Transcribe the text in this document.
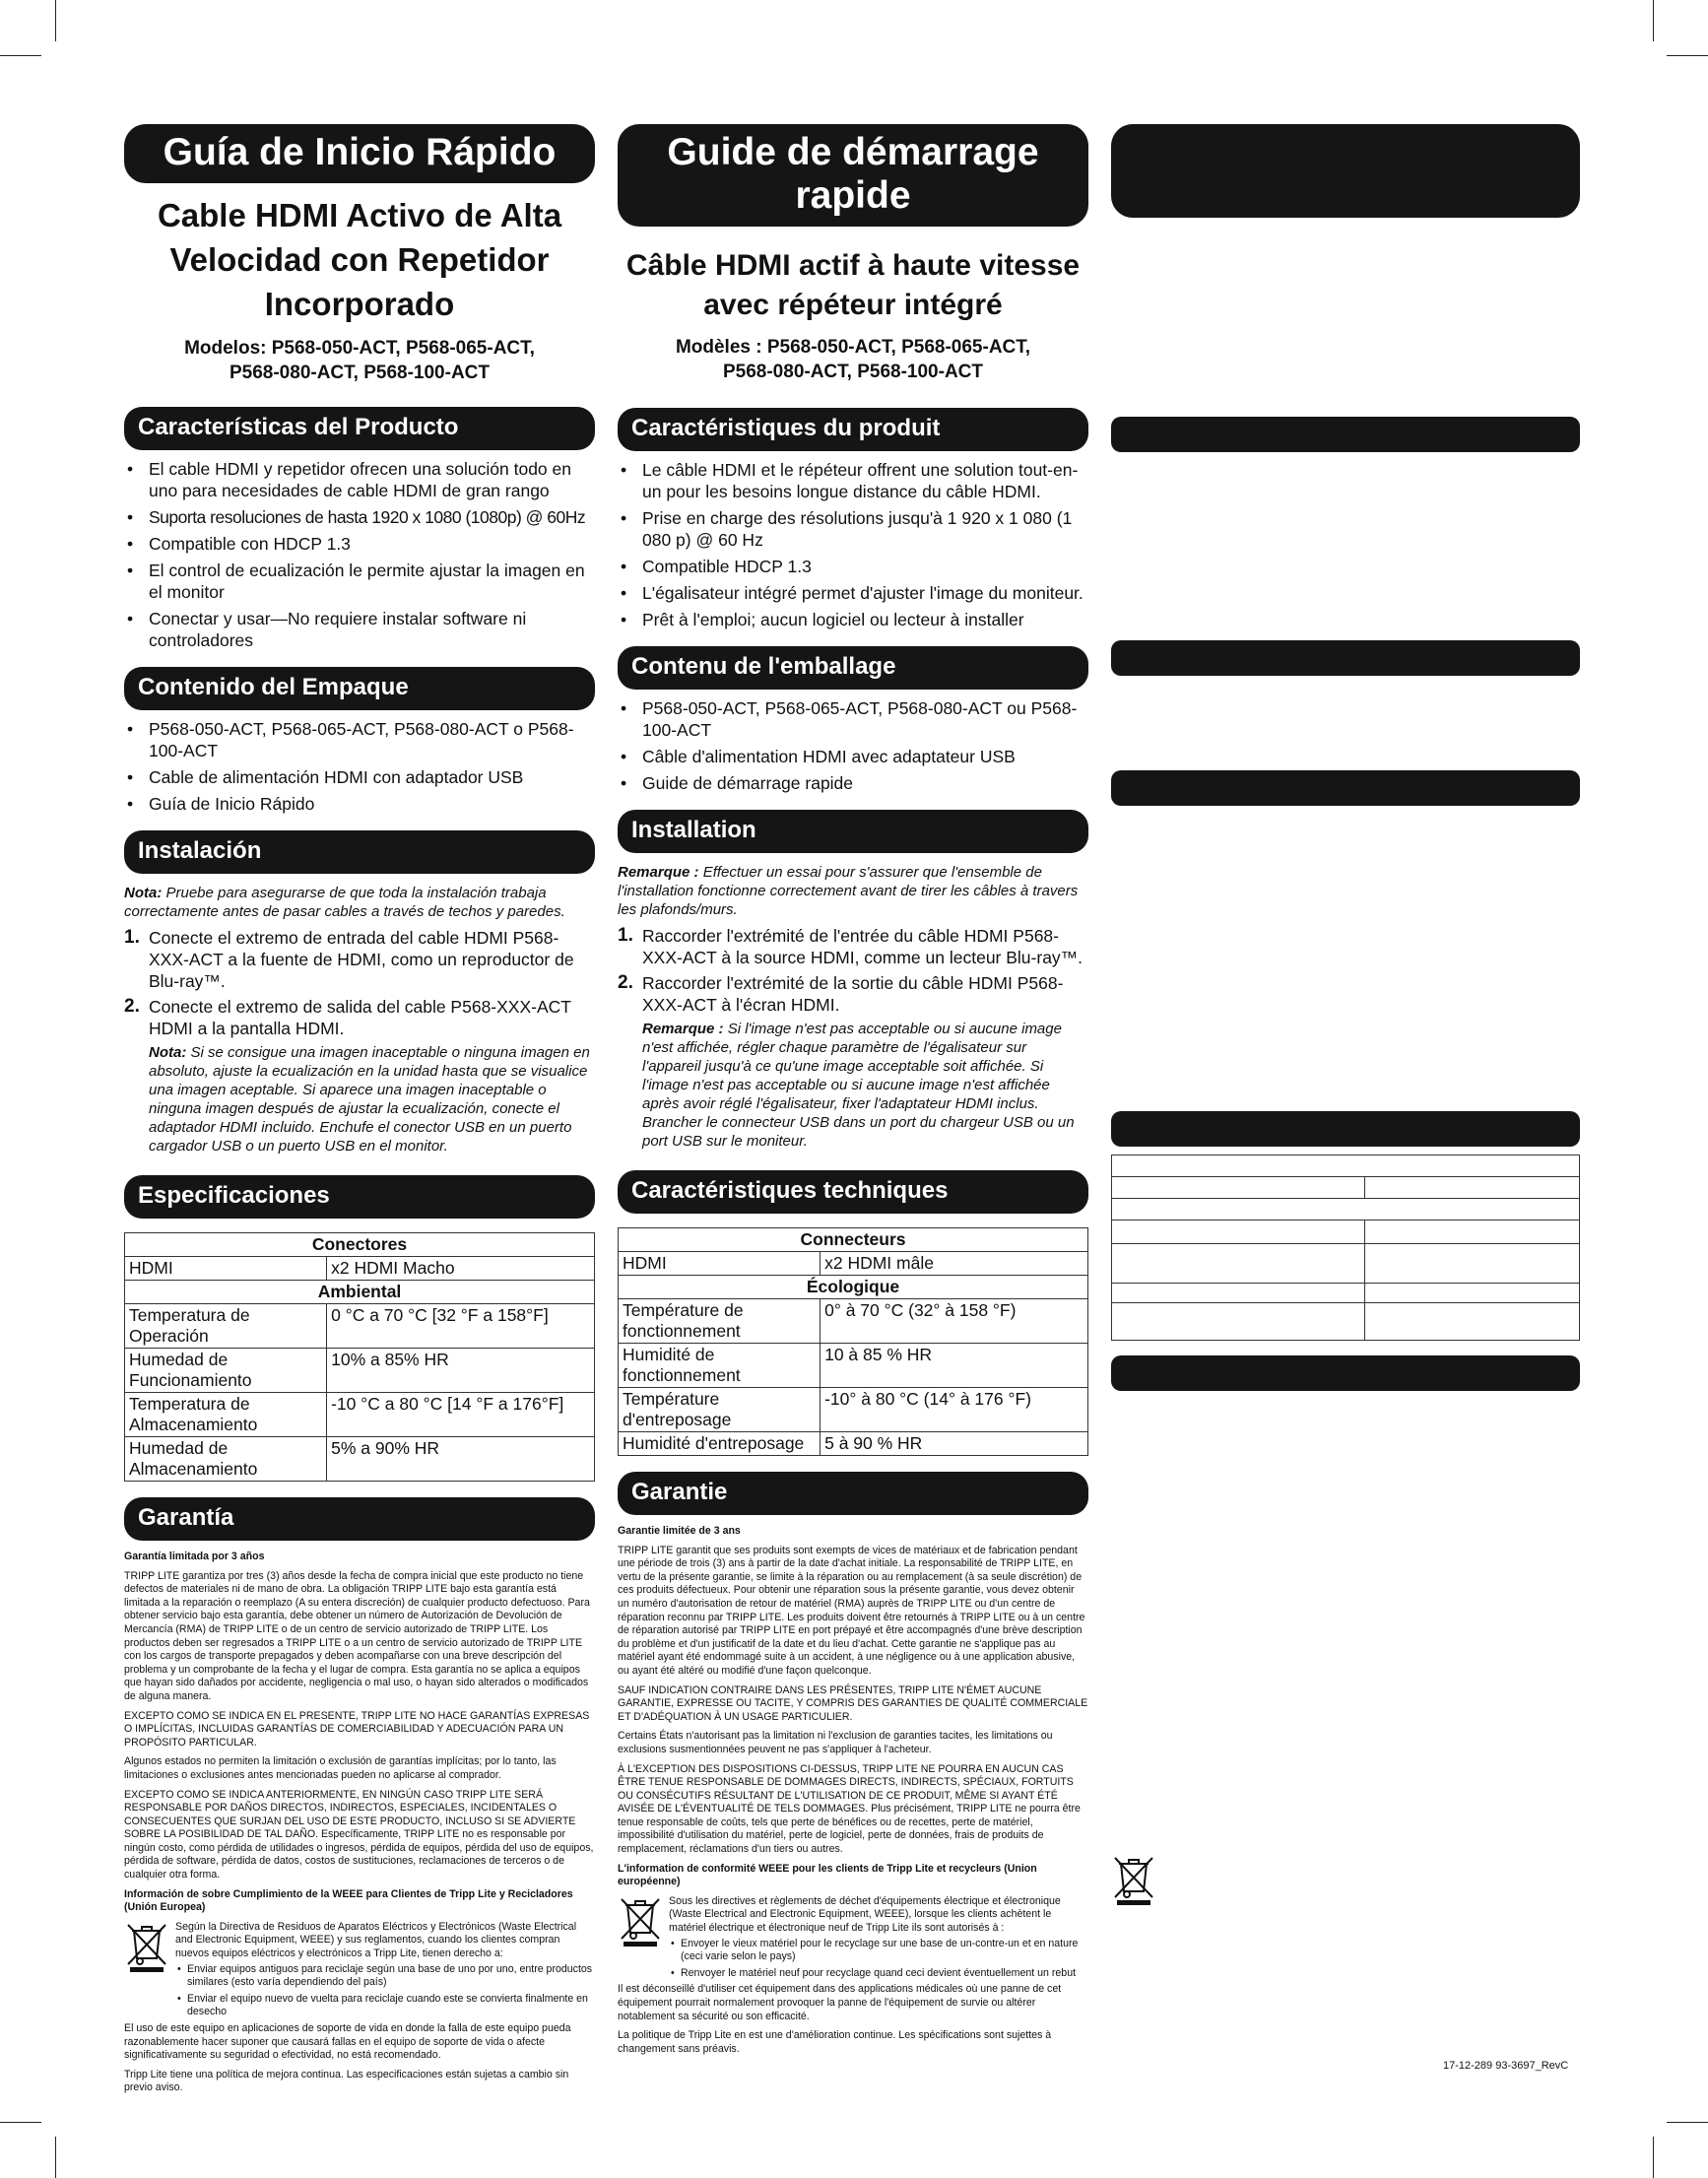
Guía de Inicio Rápido
Cable HDMI Activo de Alta Velocidad con Repetidor Incorporado
Modelos: P568-050-ACT, P568-065-ACT,
P568-080-ACT, P568-100-ACT
Características del Producto
• El cable HDMI y repetidor ofrecen una solución todo en uno para necesidades de cable HDMI de gran rango
• Suporta resoluciones de hasta 1920 x 1080 (1080p) @ 60Hz
• Compatible con HDCP 1.3
• El control de ecualización le permite ajustar la imagen en el monitor
• Conectar y usar—No requiere instalar software ni controladores
Contenido del Empaque
• P568-050-ACT, P568-065-ACT, P568-080-ACT o P568-100-ACT
• Cable de alimentación HDMI con adaptador USB
• Guía de Inicio Rápido
Instalación
Nota: Pruebe para asegurarse de que toda la instalación trabaja correctamente antes de pasar cables a través de techos y paredes.
1. Conecte el extremo de entrada del cable HDMI P568-XXX-ACT a la fuente de HDMI, como un reproductor de Blu-ray™.
2. Conecte el extremo de salida del cable P568-XXX-ACT HDMI a la pantalla HDMI.
Nota: Si se consigue una imagen inaceptable o ninguna imagen en absoluto, ajuste la ecualización en la unidad hasta que se visualice una imagen aceptable. Si aparece una imagen inaceptable o ninguna imagen después de ajustar la ecualización, conecte el adaptador HDMI incluido. Enchufe el conector USB en un puerto cargador USB o un puerto USB en el monitor.
Especificaciones
Conectores	
HDMI	x2 HDMI Macho
Ambiental	
Temperatura de Operación	0 °C a 70 °C [32 °F a 158°F]
Humedad de Funcionamiento	10% a 85% HR
Temperatura de Almacenamiento	-10 °C a 80 °C [14 °F a 176°F]
Humedad de Almacenamiento	5% a 90% HR
Garantía

Garantía limitada por 3 años

TRIPP LITE garantiza por tres (3) años desde la fecha de compra inicial que este producto no tiene defectos de materiales ni de mano de obra. La obligación TRIPP LITE bajo esta garantía está limitada a la reparación o reemplazo (A su entera discreción) de cualquier producto defectuoso. Para obtener servicio bajo esta garantía, debe obtener un número de Autorización de Devolución de Mercancía (RMA) de TRIPP LITE o de un centro de servicio autorizado de TRIPP LITE. Los productos deben ser regresados a TRIPP LITE o a un centro de servicio autorizado de TRIPP LITE con los cargos de transporte prepagados y deben acompañarse con una breve descripción del problema y un comprobante de la fecha y el lugar de compra. Esta garantía no se aplica a equipos que hayan sido dañados por accidente, negligencia o mal uso, o hayan sido alterados o modificados de alguna manera.

EXCEPTO COMO SE INDICA EN EL PRESENTE, TRIPP LITE NO HACE GARANTÍAS EXPRESAS O IMPLÍCITAS, INCLUIDAS GARANTÍAS DE COMERCIABILIDAD Y ADECUACIÓN PARA UN PROPÓSITO PARTICULAR.

Algunos estados no permiten la limitación o exclusión de garantías implícitas; por lo tanto, las limitaciones o exclusiones antes mencionadas pueden no aplicarse al comprador.

EXCEPTO COMO SE INDICA ANTERIORMENTE, EN NINGÚN CASO TRIPP LITE SERÁ RESPONSABLE POR DAÑOS DIRECTOS, INDIRECTOS, ESPECIALES, INCIDENTALES O CONSECUENTES QUE SURJAN DEL USO DE ESTE PRODUCTO, INCLUSO SI SE ADVIERTE SOBRE LA POSIBILIDAD DE TAL DAÑO. Específicamente, TRIPP LITE no es responsable por ningún costo, como pérdida de utilidades o ingresos, pérdida de equipos, pérdida del uso de equipos, pérdida de software, pérdida de datos, costos de sustituciones, reclamaciones de terceros o de cualquier otra forma.

Información de sobre Cumplimiento de la WEEE para Clientes de Tripp Lite y Recicladores (Unión Europea)

Según la Directiva de Residuos de Aparatos Eléctricos y Electrónicos (Waste Electrical and Electronic Equipment, WEEE) y sus reglamentos, cuando los clientes compran nuevos equipos eléctricos y electrónicos a Tripp Lite, tienen derecho a:
• Enviar equipos antiguos para reciclaje según una base de uno por uno, entre productos similares (esto varía dependiendo del país)
• Enviar el equipo nuevo de vuelta para reciclaje cuando este se convierta finalmente en desecho

El uso de este equipo en aplicaciones de soporte de vida en donde la falla de este equipo pueda razonablemente hacer suponer que causará fallas en el equipo de soporte de vida o afecte significativamente su seguridad o efectividad, no está recomendado.

Tripp Lite tiene una política de mejora continua. Las especificaciones están sujetas a cambio sin previo aviso.

Guide de démarrage rapide
Câble HDMI actif à haute vitesse avec répéteur intégré
Modèles : P568-050-ACT, P568-065-ACT,
P568-080-ACT, P568-100-ACT
Caractéristiques du produit
• Le câble HDMI et le répéteur offrent une solution tout-en-un pour les besoins longue distance du câble HDMI.
• Prise en charge des résolutions jusqu'à 1 920 x 1 080 (1 080 p) @ 60 Hz
• Compatible HDCP 1.3
• L'égalisateur intégré permet d'ajuster l'image du moniteur.
• Prêt à l'emploi; aucun logiciel ou lecteur à installer
Contenu de l'emballage
• P568-050-ACT, P568-065-ACT, P568-080-ACT ou P568-100-ACT
• Câble d'alimentation HDMI avec adaptateur USB
• Guide de démarrage rapide
Installation
Remarque : Effectuer un essai pour s'assurer que l'ensemble de l'installation fonctionne correctement avant de tirer les câbles à travers les plafonds/murs.
1. Raccorder l'extrémité de l'entrée du câble HDMI P568-XXX-ACT à la source HDMI, comme un lecteur Blu-ray™.
2. Raccorder l'extrémité de la sortie du câble HDMI P568-XXX-ACT à l'écran HDMI.
Remarque : Si l'image n'est pas acceptable ou si aucune image n'est affichée, régler chaque paramètre de l'égalisateur sur l'appareil jusqu'à ce qu'une image acceptable soit affichée. Si l'image n'est pas acceptable ou si aucune image n'est affichée après avoir réglé l'égalisateur, fixer l'adaptateur HDMI inclus. Brancher le connecteur USB dans un port du chargeur USB ou un port USB sur le moniteur.
Caractéristiques techniques
Connecteurs	
HDMI	x2 HDMI mâle
Écologique	
Température de fonctionnement	0° à 70 °C (32° à 158 °F)
Humidité de fonctionnement	10 à 85 % HR
Température d'entreposage	-10° à 80 °C (14° à 176 °F)
Humidité d'entreposage	5 à 90 % HR
Garantie

Garantie limitée de 3 ans

TRIPP LITE garantit que ses produits sont exempts de vices de matériaux et de fabrication pendant une période de trois (3) ans à partir de la date d'achat initiale. La responsabilité de TRIPP LITE, en vertu de la présente garantie, se limite à la réparation ou au remplacement (à sa seule discrétion) de ces produits défectueux. Pour obtenir une réparation sous la présente garantie, vous devez obtenir un numéro d'autorisation de retour de matériel (RMA) auprès de TRIPP LITE ou d'un centre de réparation reconnu par TRIPP LITE. Les produits doivent être retournés à TRIPP LITE ou à un centre de réparation autorisé par TRIPP LITE en port prépayé et être accompagnés d'une brève description du problème et d'un justificatif de la date et du lieu d'achat. Cette garantie ne s'applique pas au matériel ayant été endommagé suite à un accident, à une négligence ou à une application abusive, ou ayant été altéré ou modifié d'une façon quelconque.

SAUF INDICATION CONTRAIRE DANS LES PRÉSENTES, TRIPP LITE N'ÉMET AUCUNE GARANTIE, EXPRESSE OU TACITE, Y COMPRIS DES GARANTIES DE QUALITÉ COMMERCIALE ET D'ADÉQUATION À UN USAGE PARTICULIER.

Certains États n'autorisant pas la limitation ni l'exclusion de garanties tacites, les limitations ou exclusions susmentionnées peuvent ne pas s'appliquer à l'acheteur.

À L'EXCEPTION DES DISPOSITIONS CI-DESSUS, TRIPP LITE NE POURRA EN AUCUN CAS ÊTRE TENUE RESPONSABLE DE DOMMAGES DIRECTS, INDIRECTS, SPÉCIAUX, FORTUITS OU CONSÉCUTIFS RÉSULTANT DE L'UTILISATION DE CE PRODUIT, MÊME SI AYANT ÉTÉ AVISÉE DE L'ÉVENTUALITÉ DE TELS DOMMAGES. Plus précisément, TRIPP LITE ne pourra être tenue responsable de coûts, tels que perte de bénéfices ou de recettes, perte de matériel, impossibilité d'utilisation du matériel, perte de logiciel, perte de données, frais de produits de remplacement, réclamations d'un tiers ou autres.

L'information de conformité WEEE pour les clients de Tripp Lite et recycleurs (Union européenne)

Sous les directives et règlements de déchet d'équipements électrique et électronique (Waste Electrical and Electronic Equipment, WEEE), lorsque les clients achètent le matériel électrique et électronique neuf de Tripp Lite ils sont autorisés à :
• Envoyer le vieux matériel pour le recyclage sur une base de un-contre-un et en nature (ceci varie selon le pays)
• Renvoyer le matériel neuf pour recyclage quand ceci devient éventuellement un rebut

Il est déconseillé d'utiliser cet équipement dans des applications médicales où une panne de cet équipement pourrait normalement provoquer la panne de l'équipement de survie ou altérer notablement sa sécurité ou son efficacité.

La politique de Tripp Lite en est une d'amélioration continue. Les spécifications sont sujettes à changement sans préavis.

17-12-289 93-3697_RevC
